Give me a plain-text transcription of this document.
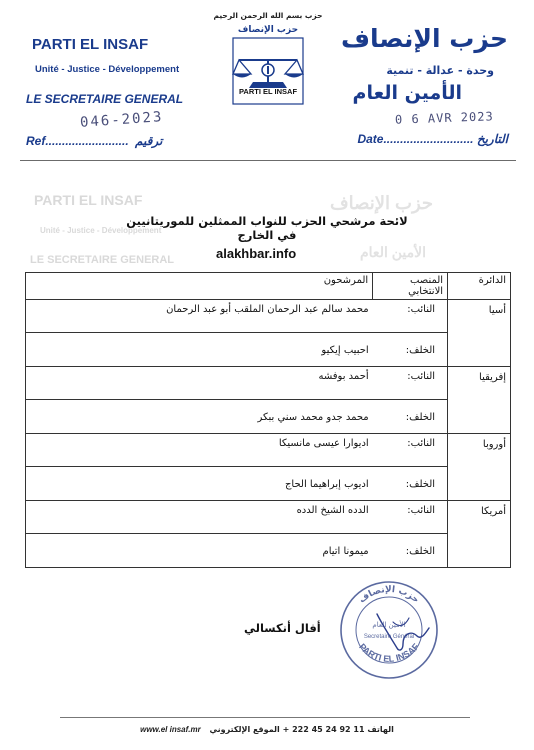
PARTI EL INSAF
Unité - Justice - Développement
LE SECRETAIRE GENERAL
حزب الإنصاف
الأمين العام
PARTI EL INSAF
Unité - Justice - Développement
LE SECRETAIRE GENERAL
046-2023
Ref......................... ترقيم
حزب بسم الله الرحمن الرحيم
حزب الإنصاف
PARTI EL INSAF
حزب الإنصاف
وحدة - عدالة - تنمية
الأمين العام
0 6 AVR 2023
Date........................... التاريخ
لائحة مرشحي الحزب للنواب الممثلين للموريتانيين في الخارج
alakhbar.info
الدائرة	المنصب الانتخابي	المرشحون
أسيا	النائب:	محمد سالم عبد الرحمان الملقب أبو عبد الرحمان
	الخلف:	احبيب إيكيو
إفريقيا	النائب:	أحمد بوفشه
	الخلف:	محمد جدو محمد سني ببكر
أوروبا	النائب:	اديوارا عيسى مانسيكا
	الخلف:	اديوب إبراهيما الحاج
أمريكا	النائب:	الدده الشيخ الدده
	الخلف:	ميمونا اتيام
حزب الإنصاف
PARTI EL INSAF
الأمين العام
Secretaire Général
أفال أنكسالي
www.el insaf.mr الهاتف 11 92 24 45 222 + الموقع الإلكتروني
